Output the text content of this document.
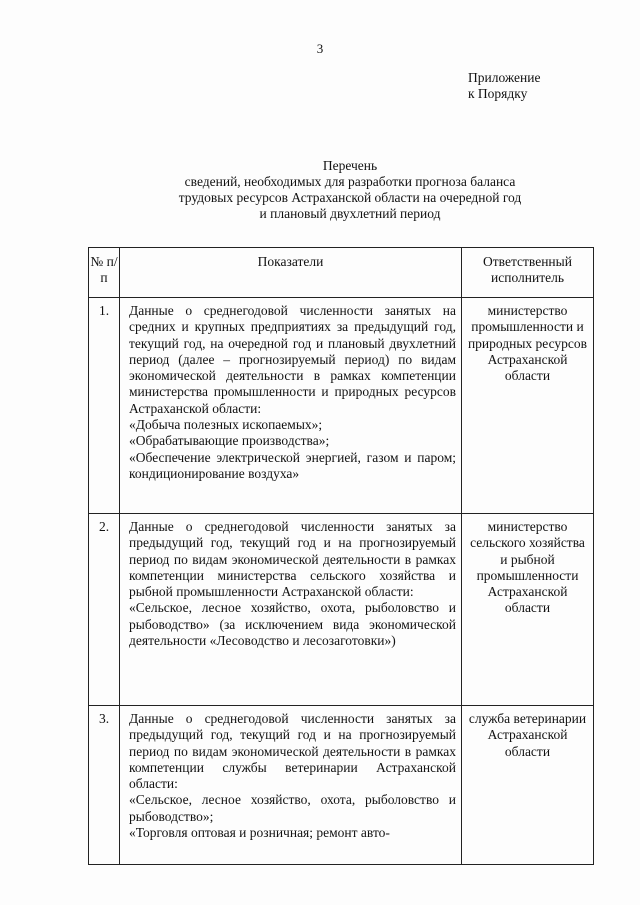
3
Приложение
к Порядку
Перечень
сведений, необходимых для разработки прогноза баланса
трудовых ресурсов Астраханской области на очередной год
и плановый двухлетний период
№ п/п	Показатели	Ответственный исполнитель
1.	Данные о среднегодовой численности занятых на средних и крупных предприятиях за предыдущий год, текущий год, на очередной год и плановый двухлетний период (далее – прогнозируемый период) по видам экономической деятельности в рамках компетенции министерства промышленности и природных ресурсов Астраханской области:

«Добыча полезных ископаемых»;

«Обрабатывающие производства»;

«Обеспечение электрической энергией, газом и паром; кондиционирование воздуха»	министерство промышленности и природных ресурсов Астраханской области
2.	Данные о среднегодовой численности занятых за предыдущий год, текущий год и на прогнозируемый период по видам экономической деятельности в рамках компетенции министерства сельского хозяйства и рыбной промышленности Астраханской области:

«Сельское, лесное хозяйство, охота, рыболовство и рыбоводство» (за исключением вида экономической деятельности «Лесоводство и лесозаготовки»)	министерство сельского хозяйства и рыбной промышленности Астраханской области
3.	Данные о среднегодовой численности занятых за предыдущий год, текущий год и на прогнозируемый период по видам экономической деятельности в рамках компетенции службы ветеринарии Астраханской области:

«Сельское, лесное хозяйство, охота, рыболовство и рыбоводство»;

«Торговля оптовая и розничная; ремонт авто-	служба ветеринарии Астраханской области
